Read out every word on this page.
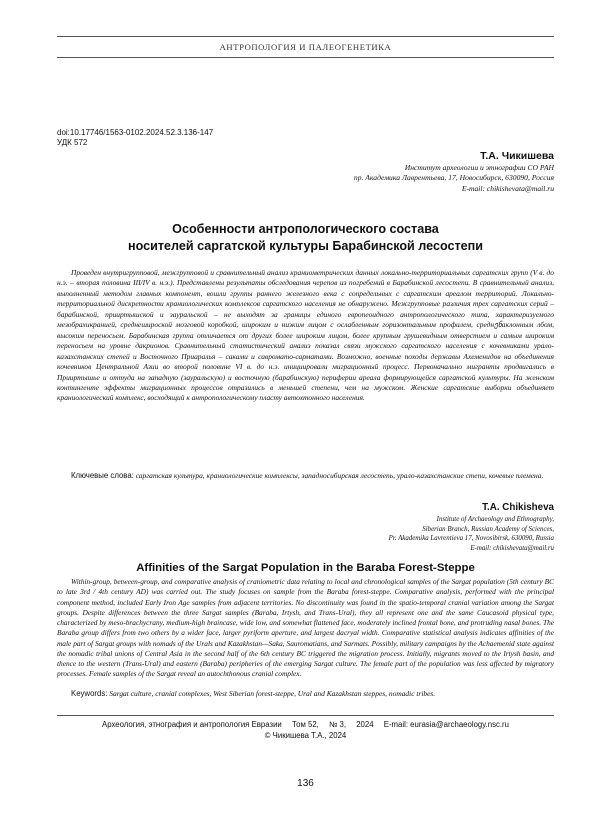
АНТРОПОЛОГИЯ И ПАЛЕОГЕНЕТИКА
doi:10.17746/1563-0102.2024.52.3.136-147
УДК 572
Т.А. Чикишева
Институт археологии и этнографии СО РАН
пр. Академика Лаврентьева, 17, Новосибирск, 630090, Россия
E-mail: chikishevata@mail.ru
Особенности антропологического состава
носителей саргатской культуры Барабинской лесостепи
Проведен внутригрупповой, межгрупповой и сравнительный анализ краниометрических данных локально-территориальных саргатских групп (V в. до н.э. – вторая половина III/IV в. н.э.). Представлены результаты обследования черепов из погребений в Барабинской лесостепи. В сравнительный анализ, выполненный методом главных компонент, вошли группы раннего железного века с сопредельных с саргатским ареалом территорий. Локально-территориальной дискретности краниологических комплексов саргатского населения не обнаружено. Межгрупповые различия трех саргатских серий – барабинской, прииртышской и зауральской – не выходят за границы единого европеоидного антропологического типа, характеризуемого мезобрахикранией, среднешироской мозговой коробкой, широким и низким лицом с ослабленным горизонтальным профилем, среднენаклонным лбом, высоким переносьем. Барабинская группа отличается от других более широким лицом, более крупным грушевидным отверстием и самым широким переносьем на уровне дакрионов. Сравнительный статистический анализ показал связи мужского саргатского населения с кочевниками урало-казахстанских степей и Восточного Приаралья – саками и савромато-сарматами. Возможно, военные походы державы Ахеменидов на объединения кочевников Центральной Азии во второй половине VI в. до н.э. инициировали миграционный процесс. Первоначально мигранты продвигались в Прииртышье и оттуда на западную (зауральскую) и восточную (барабинскую) периферии ареала формирующейся саргатской культуры. На женском контингенте эффекты миграционных процессов отразились в меньшей степени, чем на мужском. Женские саргатские выборки объединяет краниологический комплекс, восходящий к антропологическому пласту автохтонного населения.
Ключевые слова: саргатская культура, краниологические комплексы, западносибирская лесостепь, урало-казахстанские степи, кочевые племена.
T.A. Chikisheva
Institute of Archaeology and Ethnography,
Siberian Branch, Russian Academy of Sciences,
Pr. Akademika Lavrentieva 17, Novosibirsk, 630090, Russia
E-mail: chikishevata@mail.ru
Affinities of the Sargat Population in the Baraba Forest-Steppe
Within-group, between-group, and comparative analysis of craniometric data relating to local and chronological samples of the Sargat population (5th century BC to late 3rd / 4th century AD) was carried out. The study focuses on sample from the Baraba forest-steppe. Comparative analysis, performed with the principal component method, included Early Iron Age samples from adjacent territories. No discontinuity was found in the spatio-temporal cranial variation among the Sargat groups. Despite differences between the three Sargat samples (Baraba, Irtysh, and Trans-Ural), they all represent one and the same Caucasoid physical type, characterized by meso-brachycrany, medium-high braincase, wide low, and somewhat flattened face, moderately inclined frontal bone, and protruding nasal bones. The Baraba group differs from two others by a wider face, larger pyriform aperture, and largest dacryal width. Comparative statistical analysis indicates affinities of the male part of Sargat groups with nomads of the Urals and Kazakhstan—Saka, Sauromatians, and Sarmats. Possibly, military campaigns by the Achaemenid state against the nomadic tribal unions of Central Asia in the second half of the 6th century BC triggered the migration process. Initially, migrants moved to the Irtysh basin, and thence to the western (Trans-Ural) and eastern (Baraba) peripheries of the emerging Sargat culture. The female part of the population was less affected by migratory processes. Female samples of the Sargat reveal an autochthonous cranial complex.
Keywords: Sargat culture, cranial complexes, West Siberian forest-steppe, Ural and Kazakhstan steppes, nomadic tribes.
Археология, этнография и антропология Евразии Том 52, № 3, 2024 E-mail: eurasia@archaeology.nsc.ru
© Чикишева Т.А., 2024
136
